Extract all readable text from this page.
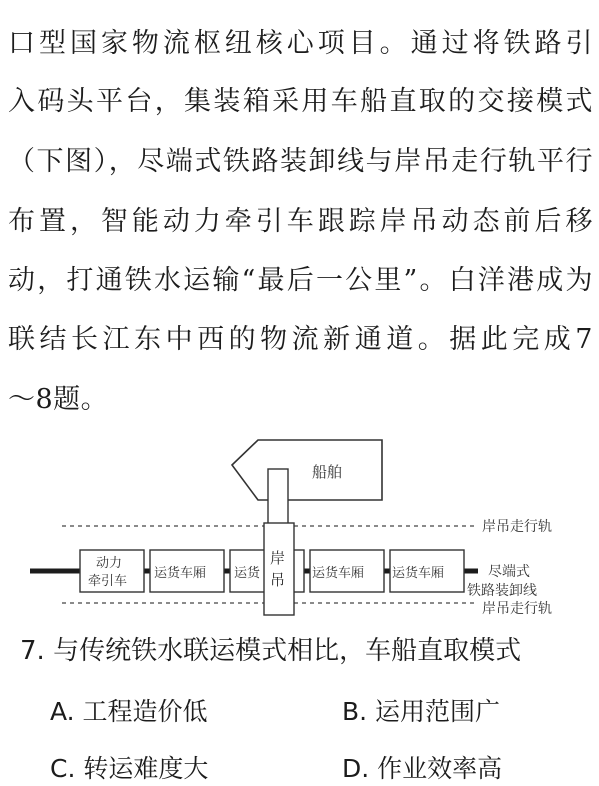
口型国家物流枢纽核心项目。通过将铁路引
入码头平台，集装箱采用车船直取的交接模式
（下图），尽端式铁路装卸线与岸吊走行轨平行
布置，智能动力牵引车跟踪岸吊动态前后移
动，打通铁水运输“最后一公里”。白洋港成为
联结长江东中西的物流新通道。据此完成7
～8题。
船舶
岸吊走行轨
岸吊走行轨
尽端式
铁路装卸线
动力
牵引车
运货车厢 运货	运货车厢 运货车厢
岸
吊
7. 与传统铁水联运模式相比，车船直取模式
A. 工程造价低	B. 运用范围广
C. 转运难度大	D. 作业效率高
